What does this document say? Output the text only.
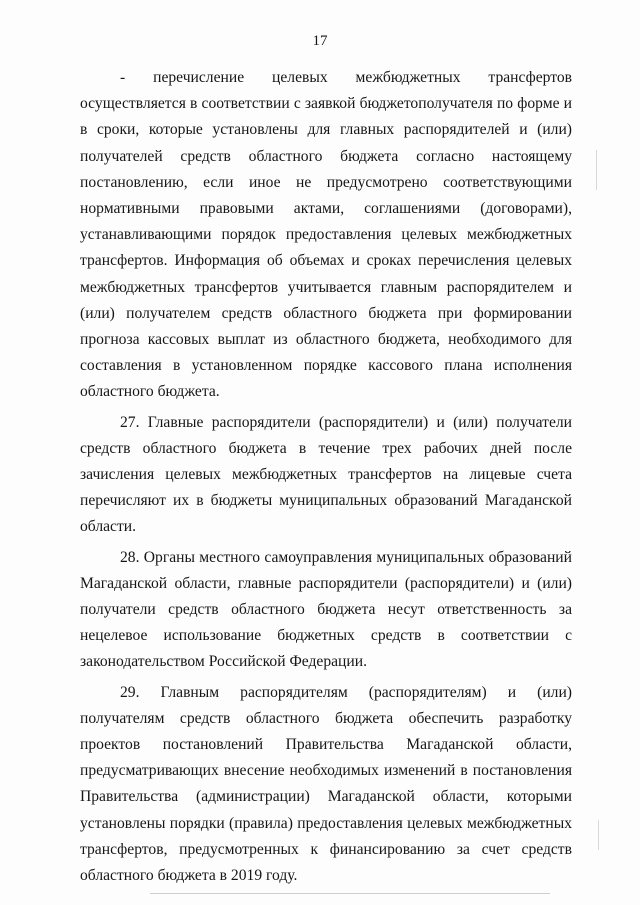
17

- перечисление целевых межбюджетных трансфертов осуществляется в соответствии с заявкой бюджетополучателя по форме и в сроки, которые установлены для главных распорядителей и (или) получателей средств областного бюджета согласно настоящему постановлению, если иное не предусмотрено соответствующими нормативными правовыми актами, соглашениями (договорами), устанавливающими порядок предоставления целевых межбюджетных трансфертов. Информация об объемах и сроках перечисления целевых межбюджетных трансфертов учитывается главным распорядителем и (или) получателем средств областного бюджета при формировании прогноза кассовых выплат из областного бюджета, необходимого для составления в установленном порядке кассового плана исполнения областного бюджета.

27. Главные распорядители (распорядители) и (или) получатели средств областного бюджета в течение трех рабочих дней после зачисления целевых межбюджетных трансфертов на лицевые счета перечисляют их в бюджеты муниципальных образований Магаданской области.

28. Органы местного самоуправления муниципальных образований Магаданской области, главные распорядители (распорядители) и (или) получатели средств областного бюджета несут ответственность за нецелевое использование бюджетных средств в соответствии с законодательством Российской Федерации.

29. Главным распорядителям (распорядителям) и (или) получателям средств областного бюджета обеспечить разработку проектов постановлений Правительства Магаданской области, предусматривающих внесение необходимых изменений в постановления Правительства (администрации) Магаданской области, которыми установлены порядки (правила) предоставления целевых межбюджетных трансфертов, предусмотренных к финансированию за счет средств областного бюджета в 2019 году.
